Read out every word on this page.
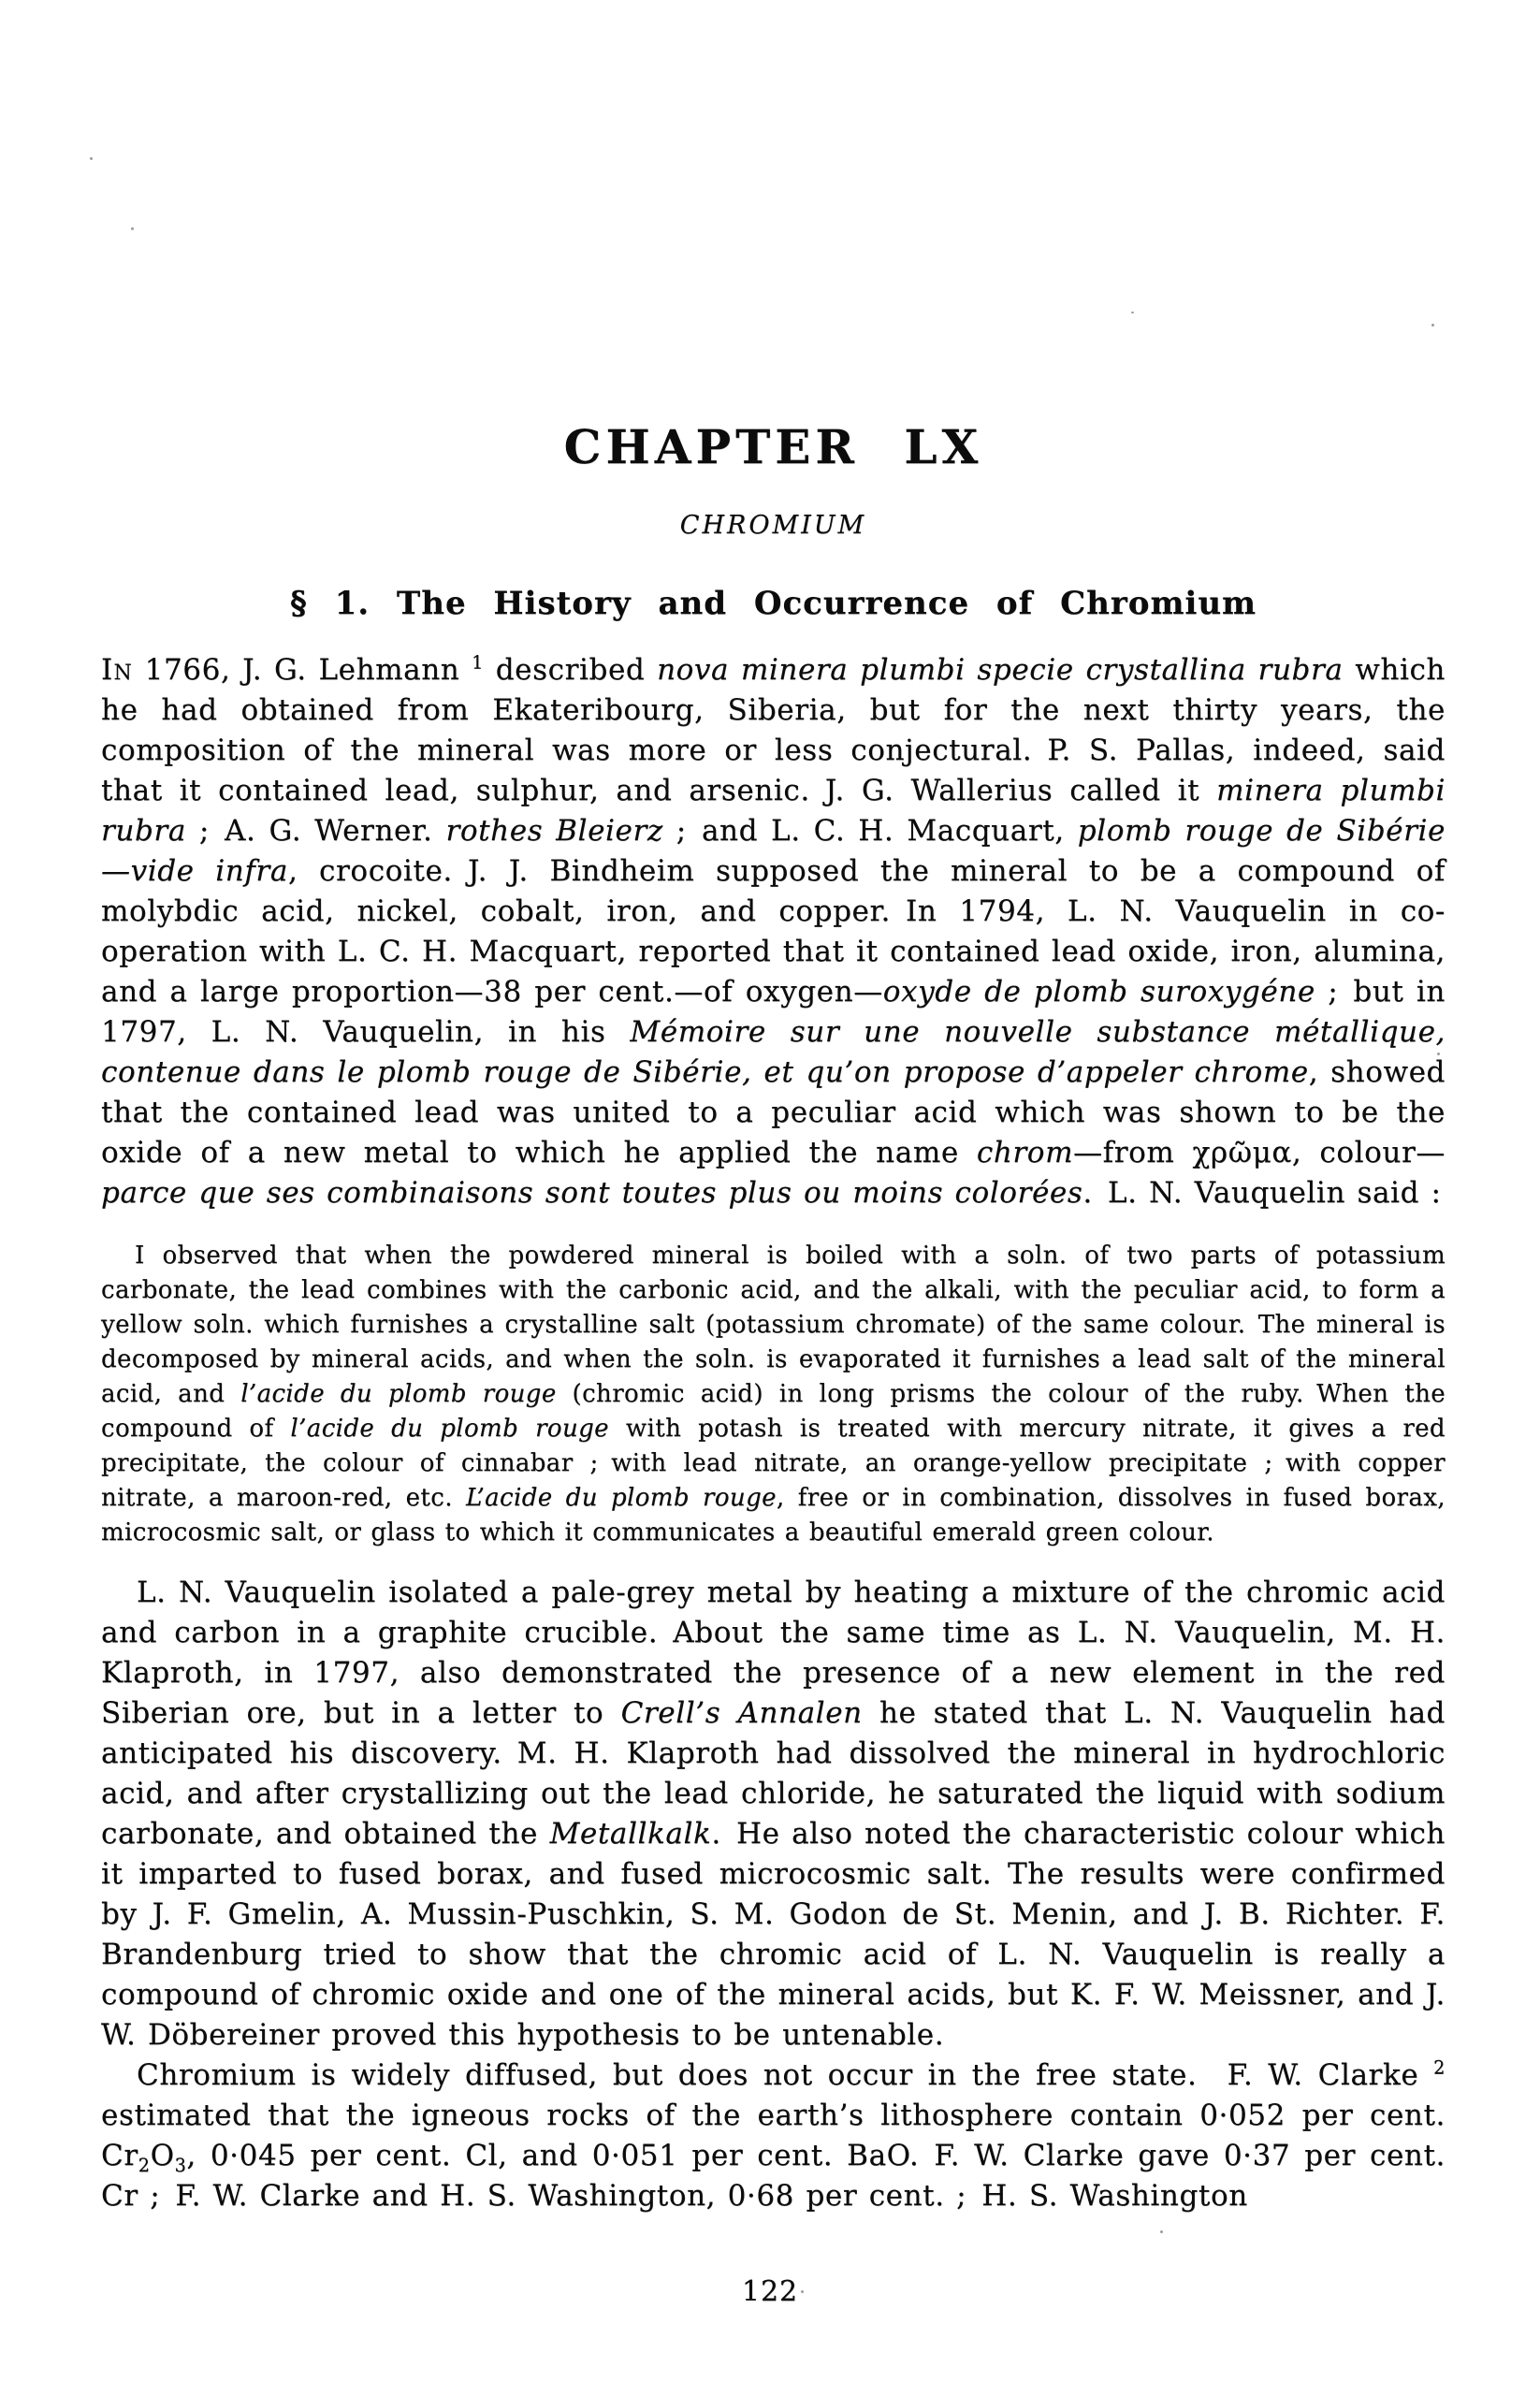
CHAPTER LX
CHROMIUM
§ 1. The History and Occurrence of Chromium

In 1766, J. G. Lehmann $^1$ described nova minera plumbi specie crystallina rubra which he had obtained from Ekateribourg, Siberia, but for the next thirty years, the composition of the mineral was more or less conjectural. P. S. Pallas, indeed, said that it contained lead, sulphur, and arsenic. J. G. Wallerius called it minera plumbi rubra ; A. G. Werner. rothes Bleierz ; and L. C. H. Macquart, plomb rouge de Sibérie—vide infra, crocoite. J. J. Bindheim supposed the mineral to be a compound of molybdic acid, nickel, cobalt, iron, and copper. In 1794, L. N. Vauquelin in co-operation with L. C. H. Macquart, reported that it contained lead oxide, iron, alumina, and a large proportion—38 per cent.—of oxygen—oxyde de plomb suroxygéne ; but in 1797, L. N. Vauquelin, in his Mémoire sur une nouvelle substance métallique, contenue dans le plomb rouge de Sibérie, et qu’on propose d’appeler chrome, showed that the contained lead was united to a peculiar acid which was shown to be the oxide of a new metal to which he applied the name chrom—from χρῶμα, colour—parce que ses combinaisons sont toutes plus ou moins colorées. L. N. Vauquelin said :

I observed that when the powdered mineral is boiled with a soln. of two parts of potassium carbonate, the lead combines with the carbonic acid, and the alkali, with the peculiar acid, to form a yellow soln. which furnishes a crystalline salt (potassium chromate) of the same colour. The mineral is decomposed by mineral acids, and when the soln. is evaporated it furnishes a lead salt of the mineral acid, and l’acide du plomb rouge (chromic acid) in long prisms the colour of the ruby. When the compound of l’acide du plomb rouge with potash is treated with mercury nitrate, it gives a red precipitate, the colour of cinnabar ; with lead nitrate, an orange-yellow precipitate ; with copper nitrate, a maroon-red, etc. L’acide du plomb rouge, free or in combination, dissolves in fused borax, microcosmic salt, or glass to which it communicates a beautiful emerald green colour.

L. N. Vauquelin isolated a pale-grey metal by heating a mixture of the chromic acid and carbon in a graphite crucible. About the same time as L. N. Vauquelin, M. H. Klaproth, in 1797, also demonstrated the presence of a new element in the red Siberian ore, but in a letter to Crell’s Annalen he stated that L. N. Vauquelin had anticipated his discovery. M. H. Klaproth had dissolved the mineral in hydrochloric acid, and after crystallizing out the lead chloride, he saturated the liquid with sodium carbonate, and obtained the Metallkalk. He also noted the characteristic colour which it imparted to fused borax, and fused microcosmic salt. The results were confirmed by J. F. Gmelin, A. Mussin-Puschkin, S. M. Godon de St. Menin, and J. B. Richter. F. Brandenburg tried to show that the chromic acid of L. N. Vauquelin is really a compound of chromic oxide and one of the mineral acids, but K. F. W. Meissner, and J. W. Döbereiner proved this hypothesis to be untenable.

Chromium is widely diffused, but does not occur in the free state.  F. W. Clarke $^2$ estimated that the igneous rocks of the earth’s lithosphere contain 0·052 per cent. $Cr_2O_3$, 0·045 per cent. Cl, and 0·051 per cent. BaO. F. W. Clarke gave 0·37 per cent. Cr ; F. W. Clarke and H. S. Washington, 0·68 per cent. ; H. S. Washington

122
